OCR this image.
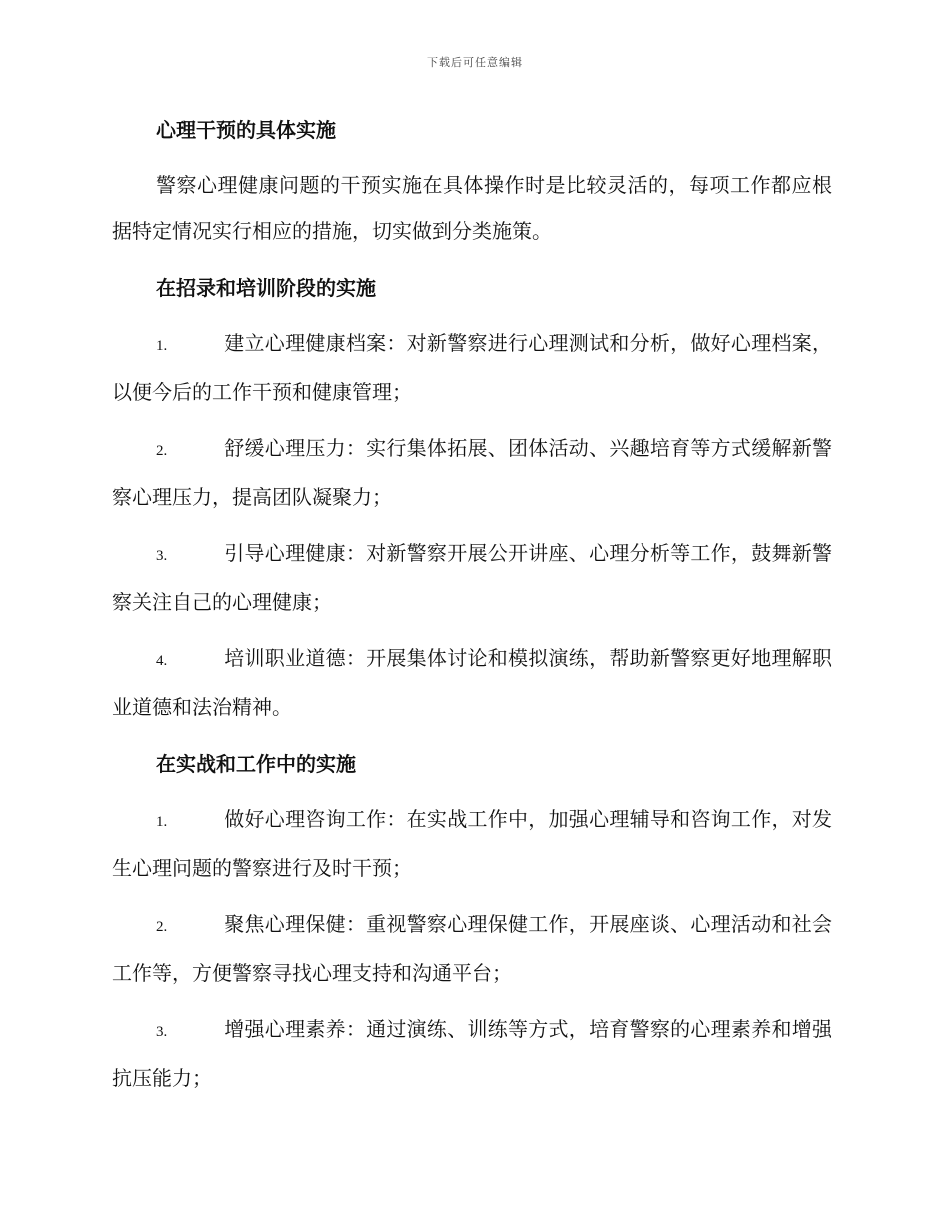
下载后可任意编辑
心理干预的具体实施
警察心理健康问题的干预实施在具体操作时是比较灵活的，每项工作都应根据特定情况实行相应的措施，切实做到分类施策。
在招录和培训阶段的实施
1.	建立心理健康档案：对新警察进行心理测试和分析，做好心理档案，以便今后的工作干预和健康管理；
2.	舒缓心理压力：实行集体拓展、团体活动、兴趣培育等方式缓解新警察心理压力，提高团队凝聚力；
3.	引导心理健康：对新警察开展公开讲座、心理分析等工作，鼓舞新警察关注自己的心理健康；
4.	培训职业道德：开展集体讨论和模拟演练，帮助新警察更好地理解职业道德和法治精神。
在实战和工作中的实施
1.	做好心理咨询工作：在实战工作中，加强心理辅导和咨询工作，对发生心理问题的警察进行及时干预；
2.	聚焦心理保健：重视警察心理保健工作，开展座谈、心理活动和社会工作等，方便警察寻找心理支持和沟通平台；
3.	增强心理素养：通过演练、训练等方式，培育警察的心理素养和增强抗压能力；
